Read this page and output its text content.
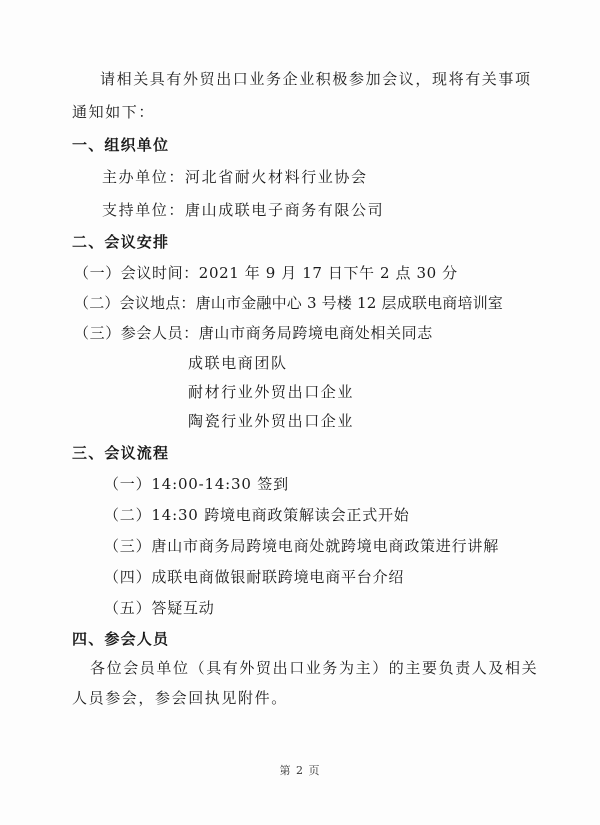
请相关具有外贸出口业务企业积极参加会议，现将有关事项
通知如下：
一、组织单位
主办单位：河北省耐火材料行业协会
支持单位：唐山成联电子商务有限公司
二、会议安排
（一）会议时间：2021 年 9 月 17 日下午 2 点 30 分
（二）会议地点：唐山市金融中心 3 号楼 12 层成联电商培训室
（三）参会人员：唐山市商务局跨境电商处相关同志
成联电商团队
耐材行业外贸出口企业
陶瓷行业外贸出口企业
三、会议流程
（一）14:00-14:30 签到
（二）14:30 跨境电商政策解读会正式开始
（三）唐山市商务局跨境电商处就跨境电商政策进行讲解
（四）成联电商做银耐联跨境电商平台介绍
（五）答疑互动
四、参会人员
各位会员单位（具有外贸出口业务为主）的主要负责人及相关
人员参会，参会回执见附件。
第 2 页
